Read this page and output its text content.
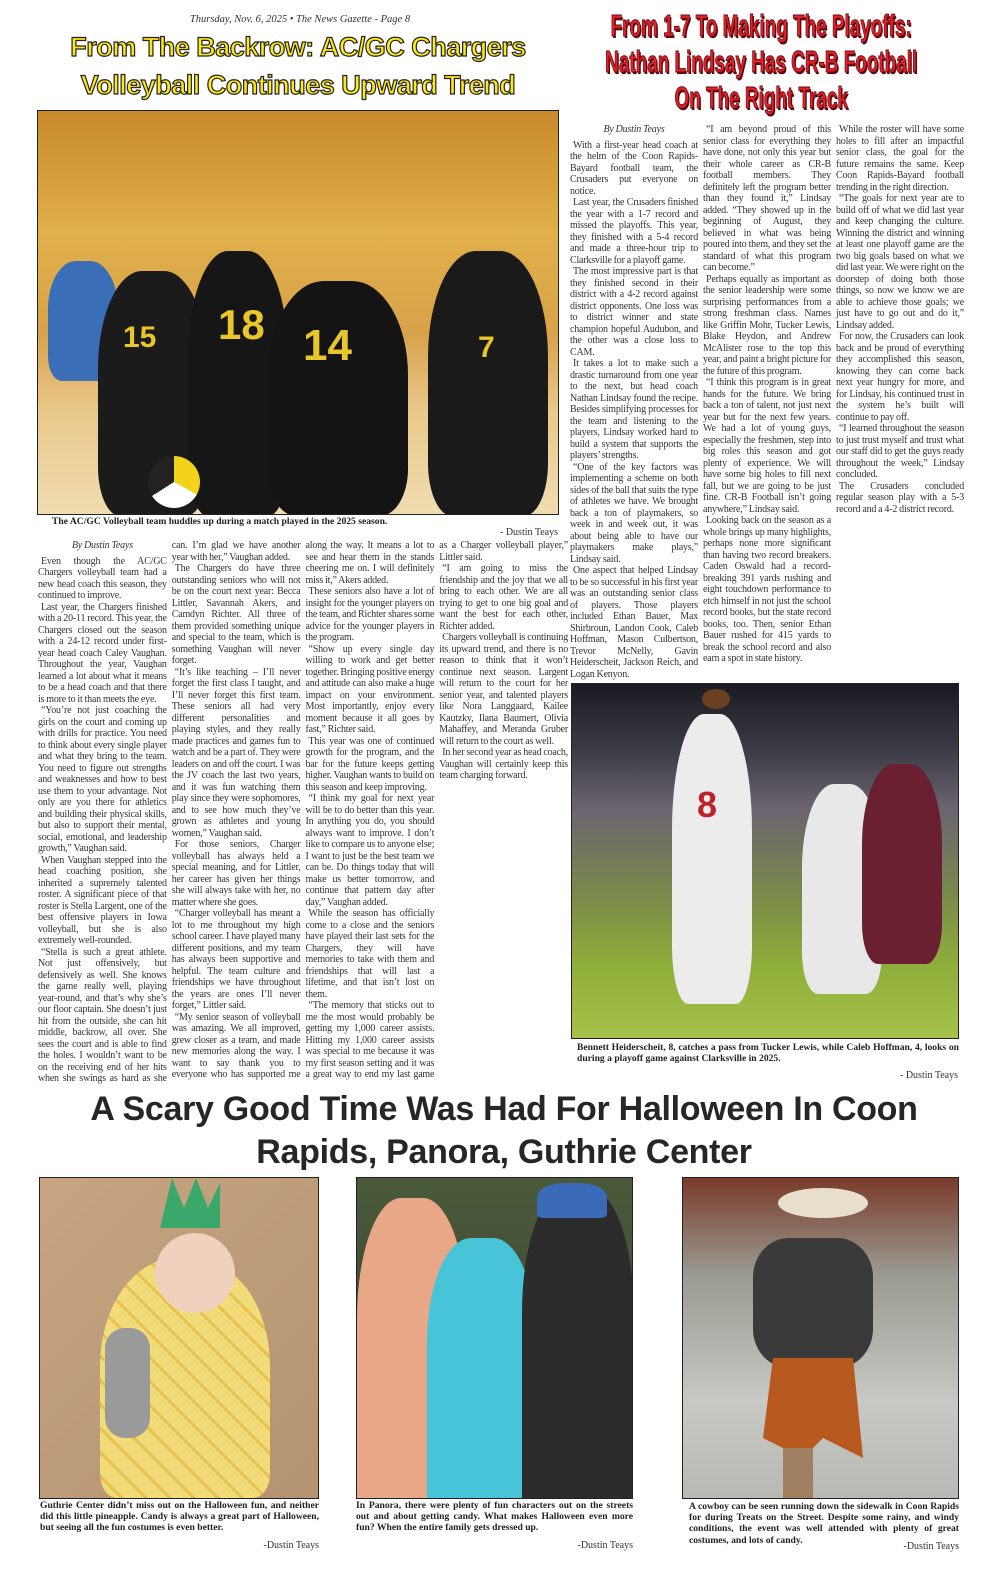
Thursday, Nov. 6, 2025 • The News Gazette - Page 8
From The Backrow: AC/GC Chargers
Volleyball Continues Upward Trend
From 1-7 To Making The Playoffs:
Nathan Lindsay Has CR-B Football
On The Right Track
15 18 14	7
The AC/GC Volleyball team huddles up during a match played in the 2025 season.
- Dustin Teays
By Dustin Teays

Even though the AC/GC Chargers volleyball team had a new head coach this season, they continued to improve.

Last year, the Chargers finished with a 20-11 record. This year, the Chargers closed out the season with a 24-12 record under first-year head coach Caley Vaughan. Throughout the year, Vaughan learned a lot about what it means to be a head coach and that there is more to it than meets the eye.

“You’re not just coaching the girls on the court and coming up with drills for practice. You need to think about every single player and what they bring to the team. You need to figure out strengths and weaknesses and how to best use them to your advantage. Not only are you there for athletics and building their physical skills, but also to support their mental, social, emotional, and leadership growth,” Vaughan said.

When Vaughan stepped into the head coaching position, she inherited a supremely talented roster. A significant piece of that roster is Stella Largent, one of the best offensive players in Iowa volleyball, but she is also extremely well-rounded.

“Stella is such a great athlete. Not just offensively, but defensively as well. She knows the game really well, playing year-round, and that’s why she’s our floor captain. She doesn’t just hit from the outside, she can hit middle, backrow, all over. She sees the court and is able to find the holes. I wouldn’t want to be on the receiving end of her hits when she swings as hard as she can. I’m glad we have another year with her,” Vaughan added.

The Chargers do have three outstanding seniors who will not be on the court next year: Becca Littler, Savannah Akers, and Camdyn Richter. All three of them provided something unique and special to the team, which is something Vaughan will never forget.

“It’s like teaching – I’ll never forget the first class I taught, and I’ll never forget this first team. These seniors all had very different personalities and playing styles, and they really made practices and games fun to watch and be a part of. They were leaders on and off the court. I was the JV coach the last two years, and it was fun watching them play since they were sophomores, and to see how much they’ve grown as athletes and young women,” Vaughan said.

For those seniors, Charger volleyball has always held a special meaning, and for Littler, her career has given her things she will always take with her, no matter where she goes.

“Charger volleyball has meant a lot to me throughout my high school career. I have played many different positions, and my team has always been supportive and helpful. The team culture and friendships we have throughout the years are ones I’ll never forget,” Littler said.

“My senior season of volleyball was amazing. We all improved, grew closer as a team, and made new memories along the way. I want to say thank you to everyone who has supported me along the way. It means a lot to see and hear them in the stands cheering me on. I will definitely miss it,” Akers added.

These seniors also have a lot of insight for the younger players on the team, and Richter shares some advice for the younger players in the program.

“Show up every single day willing to work and get better together. Bringing positive energy and attitude can also make a huge impact on your environment. Most importantly, enjoy every moment because it all goes by fast,” Richter said.

This year was one of continued growth for the program, and the bar for the future keeps getting higher. Vaughan wants to build on this season and keep improving.

“I think my goal for next year will be to do better than this year. In anything you do, you should always want to improve. I don’t like to compare us to anyone else; I want to just be the best team we can be. Do things today that will make us better tomorrow, and continue that pattern day after day,” Vaughan added.

While the season has officially come to a close and the seniors have played their last sets for the Chargers, they will have memories to take with them and friendships that will last a lifetime, and that isn’t lost on them.

“The memory that sticks out to me the most would probably be getting my 1,000 career assists. Hitting my 1,000 career assists was special to me because it was my first season setting and it was a great way to end my last game as a Charger volleyball player,” Littler said.

“I am going to miss the friendship and the joy that we all bring to each other. We are all trying to get to one big goal and want the best for each other, Richter added.

Chargers volleyball is continuing its upward trend, and there is no reason to think that it won’t continue next season. Largent will return to the court for her senior year, and talented players like Nora Langgaard, Kailee Kautzky, Ilana Baumert, Olivia Mahaffey, and Meranda Gruber will return to the court as well.

In her second year as head coach, Vaughan will certainly keep this team charging forward.

By Dustin Teays

With a first-year head coach at the helm of the Coon Rapids-Bayard football team, the Crusaders put everyone on notice.

Last year, the Crusaders finished the year with a 1-7 record and missed the playoffs. This year, they finished with a 5-4 record and made a three-hour trip to Clarksville for a playoff game.

The most impressive part is that they finished second in their district with a 4-2 record against district opponents. One loss was to district winner and state champion hopeful Audubon, and the other was a close loss to CAM.

It takes a lot to make such a drastic turnaround from one year to the next, but head coach Nathan Lindsay found the recipe. Besides simplifying processes for the team and listening to the players, Lindsay worked hard to build a system that supports the players’ strengths.

“One of the key factors was implementing a scheme on both sides of the ball that suits the type of athletes we have. We brought back a ton of playmakers, so week in and week out, it was about being able to have our playmakers make plays,” Lindsay said.

One aspect that helped Lindsay to be so successful in his first year was an outstanding senior class of players. Those players included Ethan Bauer, Max Shirbroun, Landon Cook, Caleb Hoffman, Mason Culbertson, Trevor McNelly, Gavin Heiderscheit, Jackson Reich, and Logan Kenyon.

“I am beyond proud of this senior class for everything they have done, not only this year but their whole career as CR-B football members. They definitely left the program better than they found it,” Lindsay added. “They showed up in the beginning of August, they believed in what was being poured into them, and they set the standard of what this program can become.”

Perhaps equally as important as the senior leadership were some surprising performances from a strong freshman class. Names like Griffin Mohr, Tucker Lewis, Blake Heydon, and Andrew McAlister rose to the top this year, and paint a bright picture for the future of this program.

“I think this program is in great hands for the future. We bring back a ton of talent, not just next year but for the next few years. We had a lot of young guys, especially the freshmen, step into big roles this season and got plenty of experience. We will have some big holes to fill next fall, but we are going to be just fine. CR-B Football isn’t going anywhere,” Lindsay said.

Looking back on the season as a whole brings up many highlights, perhaps none more significant than having two record breakers. Caden Oswald had a record-breaking 391 yards rushing and eight touchdown performance to etch himself in not just the school record books, but the state record books, too. Then, senior Ethan Bauer rushed for 415 yards to break the school record and also earn a spot in state history.

While the roster will have some holes to fill after an impactful senior class, the goal for the future remains the same. Keep Coon Rapids-Bayard football trending in the right direction.

“The goals for next year are to build off of what we did last year and keep changing the culture. Winning the district and winning at least one playoff game are the two big goals based on what we did last year. We were right on the doorstep of doing both those things, so now we know we are able to achieve those goals; we just have to go out and do it,” Lindsay added.

For now, the Crusaders can look back and be proud of everything they accomplished this season, knowing they can come back next year hungry for more, and for Lindsay, his continued trust in the system he’s built will continue to pay off.

“I learned throughout the season to just trust myself and trust what our staff did to get the guys ready throughout the week,” Lindsay concluded.

The Crusaders concluded regular season play with a 5-3 record and a 4-2 district record.

8
Bennett Heiderscheit, 8, catches a pass from Tucker Lewis, while Caleb Hoffman, 4, looks on during a playoff game against Clarksville in 2025.
- Dustin Teays
A Scary Good Time Was Had For Halloween In Coon
Rapids, Panora, Guthrie Center
Guthrie Center didn’t miss out on the Halloween fun, and neither did this little pineapple. Candy is always a great part of Halloween, but seeing all the fun costumes is even better.
-Dustin Teays
In Panora, there were plenty of fun characters out on the streets out and about getting candy. What makes Halloween even more fun? When the entire family gets dressed up.
-Dustin Teays
A cowboy can be seen running down the sidewalk in Coon Rapids for during Treats on the Street. Despite some rainy, and windy conditions, the event was well attended with plenty of great costumes, and lots of candy.
-Dustin Teays
